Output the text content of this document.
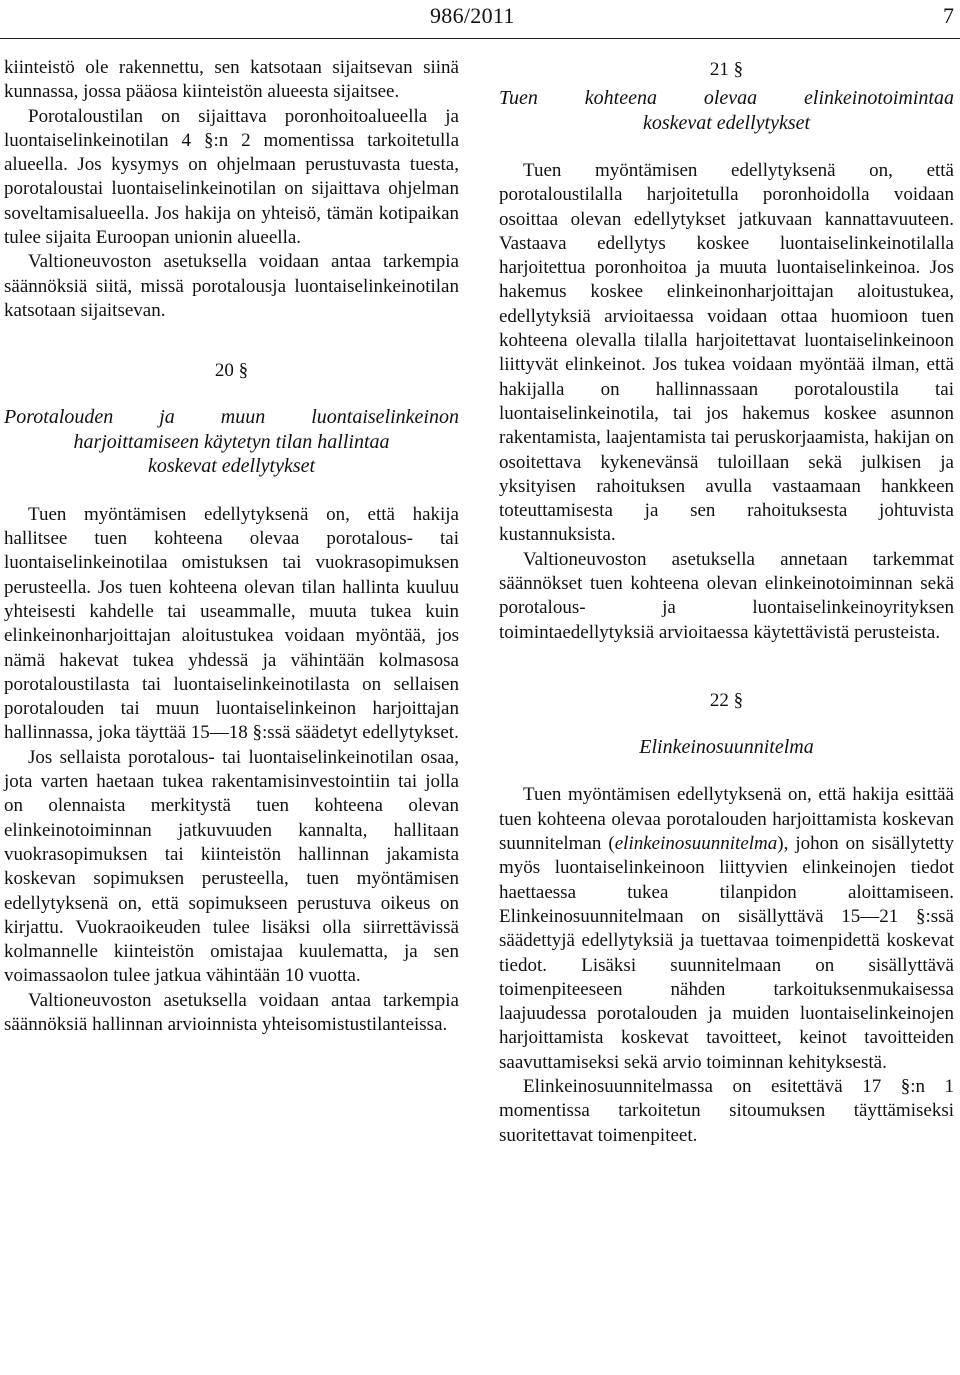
986/2011	7

kiinteistö ole rakennettu, sen katsotaan sijaitsevan siinä kunnassa, jossa pääosa kiinteistön alueesta sijaitsee.

Porotaloustilan on sijaittava poronhoitoalueella ja luontaiselinkeinotilan 4 §:n 2 momentissa tarkoitetulla alueella. Jos kysymys on ohjelmaan perustuvasta tuesta, porotaloustai luontaiselinkeinotilan on sijaittava ohjelman soveltamisalueella. Jos hakija on yhteisö, tämän kotipaikan tulee sijaita Euroopan unionin alueella.

Valtioneuvoston asetuksella voidaan antaa tarkempia säännöksiä siitä, missä porotalousja luontaiselinkeinotilan katsotaan sijaitsevan.

20 §

Porotalouden ja muun luontaiselinkeinon

harjoittamiseen käytetyn tilan hallintaa

koskevat edellytykset

Tuen myöntämisen edellytyksenä on, että hakija hallitsee tuen kohteena olevaa porotalous- tai luontaiselinkeinotilaa omistuksen tai vuokrasopimuksen perusteella. Jos tuen kohteena olevan tilan hallinta kuuluu yhteisesti kahdelle tai useammalle, muuta tukea kuin elinkeinonharjoittajan aloitustukea voidaan myöntää, jos nämä hakevat tukea yhdessä ja vähintään kolmasosa porotaloustilasta tai luontaiselinkeinotilasta on sellaisen porotalouden tai muun luontaiselinkeinon harjoittajan hallinnassa, joka täyttää 15—18 §:ssä säädetyt edellytykset.

Jos sellaista porotalous- tai luontaiselinkeinotilan osaa, jota varten haetaan tukea rakentamisinvestointiin tai jolla on olennaista merkitystä tuen kohteena olevan elinkeinotoiminnan jatkuvuuden kannalta, hallitaan vuokrasopimuksen tai kiinteistön hallinnan jakamista koskevan sopimuksen perusteella, tuen myöntämisen edellytyksenä on, että sopimukseen perustuva oikeus on kirjattu. Vuokraoikeuden tulee lisäksi olla siirrettävissä kolmannelle kiinteistön omistajaa kuulematta, ja sen voimassaolon tulee jatkua vähintään 10 vuotta.

Valtioneuvoston asetuksella voidaan antaa tarkempia säännöksiä hallinnan arvioinnista yhteisomistustilanteissa.

21 §

Tuen kohteena olevaa elinkeinotoimintaa

koskevat edellytykset

Tuen myöntämisen edellytyksenä on, että porotaloustilalla harjoitetulla poronhoidolla voidaan osoittaa olevan edellytykset jatkuvaan kannattavuuteen. Vastaava edellytys koskee luontaiselinkeinotilalla harjoitettua poronhoitoa ja muuta luontaiselinkeinoa. Jos hakemus koskee elinkeinonharjoittajan aloitustukea, edellytyksiä arvioitaessa voidaan ottaa huomioon tuen kohteena olevalla tilalla harjoitettavat luontaiselinkeinoon liittyvät elinkeinot. Jos tukea voidaan myöntää ilman, että hakijalla on hallinnassaan porotaloustila tai luontaiselinkeinotila, tai jos hakemus koskee asunnon rakentamista, laajentamista tai peruskorjaamista, hakijan on osoitettava kykenevänsä tuloillaan sekä julkisen ja yksityisen rahoituksen avulla vastaamaan hankkeen toteuttamisesta ja sen rahoituksesta johtuvista kustannuksista.

Valtioneuvoston asetuksella annetaan tarkemmat säännökset tuen kohteena olevan elinkeinotoiminnan sekä porotalous- ja luontaiselinkeinoyrityksen toimintaedellytyksiä arvioitaessa käytettävistä perusteista.

22 §

Elinkeinosuunnitelma

Tuen myöntämisen edellytyksenä on, että hakija esittää tuen kohteena olevaa porotalouden harjoittamista koskevan suunnitelman (elinkeinosuunnitelma), johon on sisällytetty myös luontaiselinkeinoon liittyvien elinkeinojen tiedot haettaessa tukea tilanpidon aloittamiseen. Elinkeinosuunnitelmaan on sisällyttävä 15—21 §:ssä säädettyjä edellytyksiä ja tuettavaa toimenpidettä koskevat tiedot. Lisäksi suunnitelmaan on sisällyttävä toimenpiteeseen nähden tarkoituksenmukaisessa laajuudessa porotalouden ja muiden luontaiselinkeinojen harjoittamista koskevat tavoitteet, keinot tavoitteiden saavuttamiseksi sekä arvio toiminnan kehityksestä.

Elinkeinosuunnitelmassa on esitettävä 17 §:n 1 momentissa tarkoitetun sitoumuksen täyttämiseksi suoritettavat toimenpiteet.
